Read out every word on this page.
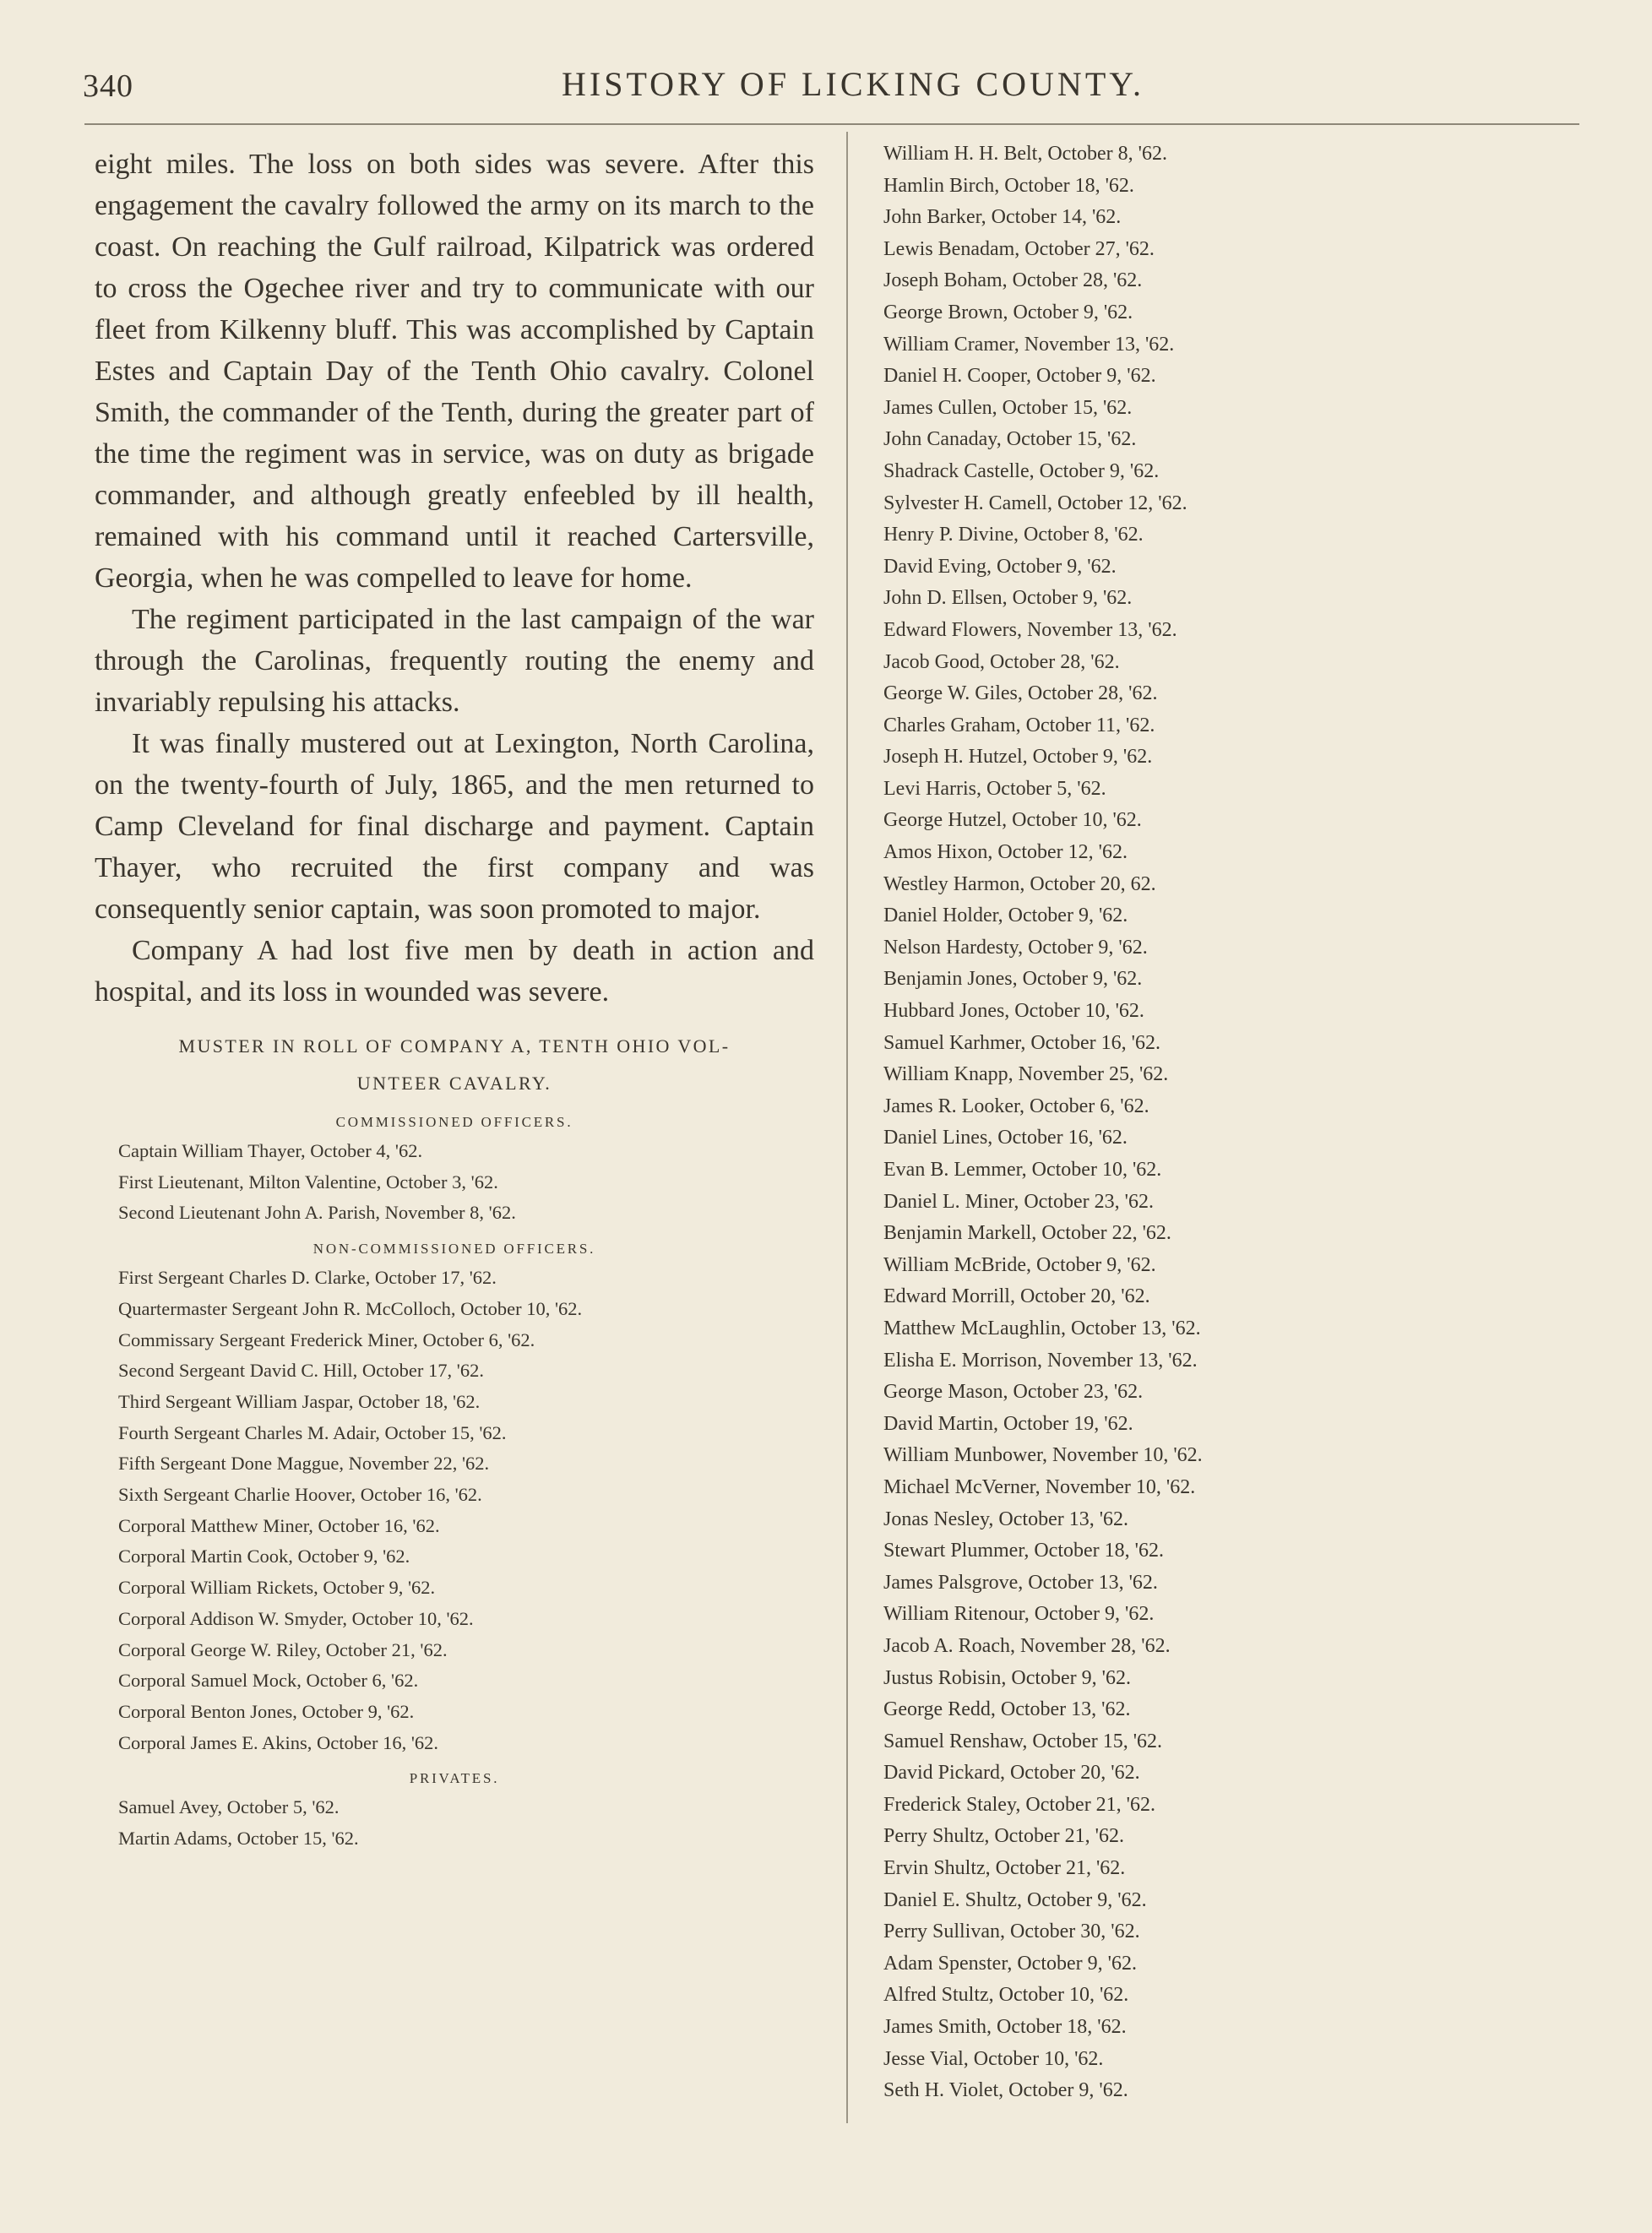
340	HISTORY OF LICKING COUNTY.

eight miles. The loss on both sides was severe. After this engagement the cavalry followed the army on its march to the coast. On reaching the Gulf railroad, Kilpatrick was ordered to cross the Ogechee river and try to communicate with our fleet from Kilkenny bluff. This was accomplished by Captain Estes and Captain Day of the Tenth Ohio cavalry. Colonel Smith, the commander of the Tenth, during the greater part of the time the regiment was in service, was on duty as brigade commander, and although greatly enfeebled by ill health, remained with his command until it reached Cartersville, Georgia, when he was compelled to leave for home.

The regiment participated in the last campaign of the war through the Carolinas, frequently routing the enemy and invariably repulsing his attacks.

It was finally mustered out at Lexington, North Carolina, on the twenty-fourth of July, 1865, and the men returned to Camp Cleveland for final discharge and payment. Captain Thayer, who recruited the first company and was consequently senior captain, was soon promoted to major.

Company A had lost five men by death in action and hospital, and its loss in wounded was severe.

MUSTER IN ROLL OF COMPANY A, TENTH OHIO VOL-
UNTEER CAVALRY.
COMMISSIONED OFFICERS.
Captain William Thayer, October 4, '62.
First Lieutenant, Milton Valentine, October 3, '62.
Second Lieutenant John A. Parish, November 8, '62.
NON-COMMISSIONED OFFICERS.
First Sergeant Charles D. Clarke, October 17, '62.
Quartermaster Sergeant John R. McColloch, October 10, '62.
Commissary Sergeant Frederick Miner, October 6, '62.
Second Sergeant David C. Hill, October 17, '62.
Third Sergeant William Jaspar, October 18, '62.
Fourth Sergeant Charles M. Adair, October 15, '62.
Fifth Sergeant Done Maggue, November 22, '62.
Sixth Sergeant Charlie Hoover, October 16, '62.
Corporal Matthew Miner, October 16, '62.
Corporal Martin Cook, October 9, '62.
Corporal William Rickets, October 9, '62.
Corporal Addison W. Smyder, October 10, '62.
Corporal George W. Riley, October 21, '62.
Corporal Samuel Mock, October 6, '62.
Corporal Benton Jones, October 9, '62.
Corporal James E. Akins, October 16, '62.
PRIVATES.
Samuel Avey, October 5, '62.
Martin Adams, October 15, '62.
William H. H. Belt, October 8, '62.
Hamlin Birch, October 18, '62.
John Barker, October 14, '62.
Lewis Benadam, October 27, '62.
Joseph Boham, October 28, '62.
George Brown, October 9, '62.
William Cramer, November 13, '62.
Daniel H. Cooper, October 9, '62.
James Cullen, October 15, '62.
John Canaday, October 15, '62.
Shadrack Castelle, October 9, '62.
Sylvester H. Camell, October 12, '62.
Henry P. Divine, October 8, '62.
David Eving, October 9, '62.
John D. Ellsen, October 9, '62.
Edward Flowers, November 13, '62.
Jacob Good, October 28, '62.
George W. Giles, October 28, '62.
Charles Graham, October 11, '62.
Joseph H. Hutzel, October 9, '62.
Levi Harris, October 5, '62.
George Hutzel, October 10, '62.
Amos Hixon, October 12, '62.
Westley Harmon, October 20, 62.
Daniel Holder, October 9, '62.
Nelson Hardesty, October 9, '62.
Benjamin Jones, October 9, '62.
Hubbard Jones, October 10, '62.
Samuel Karhmer, October 16, '62.
William Knapp, November 25, '62.
James R. Looker, October 6, '62.
Daniel Lines, October 16, '62.
Evan B. Lemmer, October 10, '62.
Daniel L. Miner, October 23, '62.
Benjamin Markell, October 22, '62.
William McBride, October 9, '62.
Edward Morrill, October 20, '62.
Matthew McLaughlin, October 13, '62.
Elisha E. Morrison, November 13, '62.
George Mason, October 23, '62.
David Martin, October 19, '62.
William Munbower, November 10, '62.
Michael McVerner, November 10, '62.
Jonas Nesley, October 13, '62.
Stewart Plummer, October 18, '62.
James Palsgrove, October 13, '62.
William Ritenour, October 9, '62.
Jacob A. Roach, November 28, '62.
Justus Robisin, October 9, '62.
George Redd, October 13, '62.
Samuel Renshaw, October 15, '62.
David Pickard, October 20, '62.
Frederick Staley, October 21, '62.
Perry Shultz, October 21, '62.
Ervin Shultz, October 21, '62.
Daniel E. Shultz, October 9, '62.
Perry Sullivan, October 30, '62.
Adam Spenster, October 9, '62.
Alfred Stultz, October 10, '62.
James Smith, October 18, '62.
Jesse Vial, October 10, '62.
Seth H. Violet, October 9, '62.
